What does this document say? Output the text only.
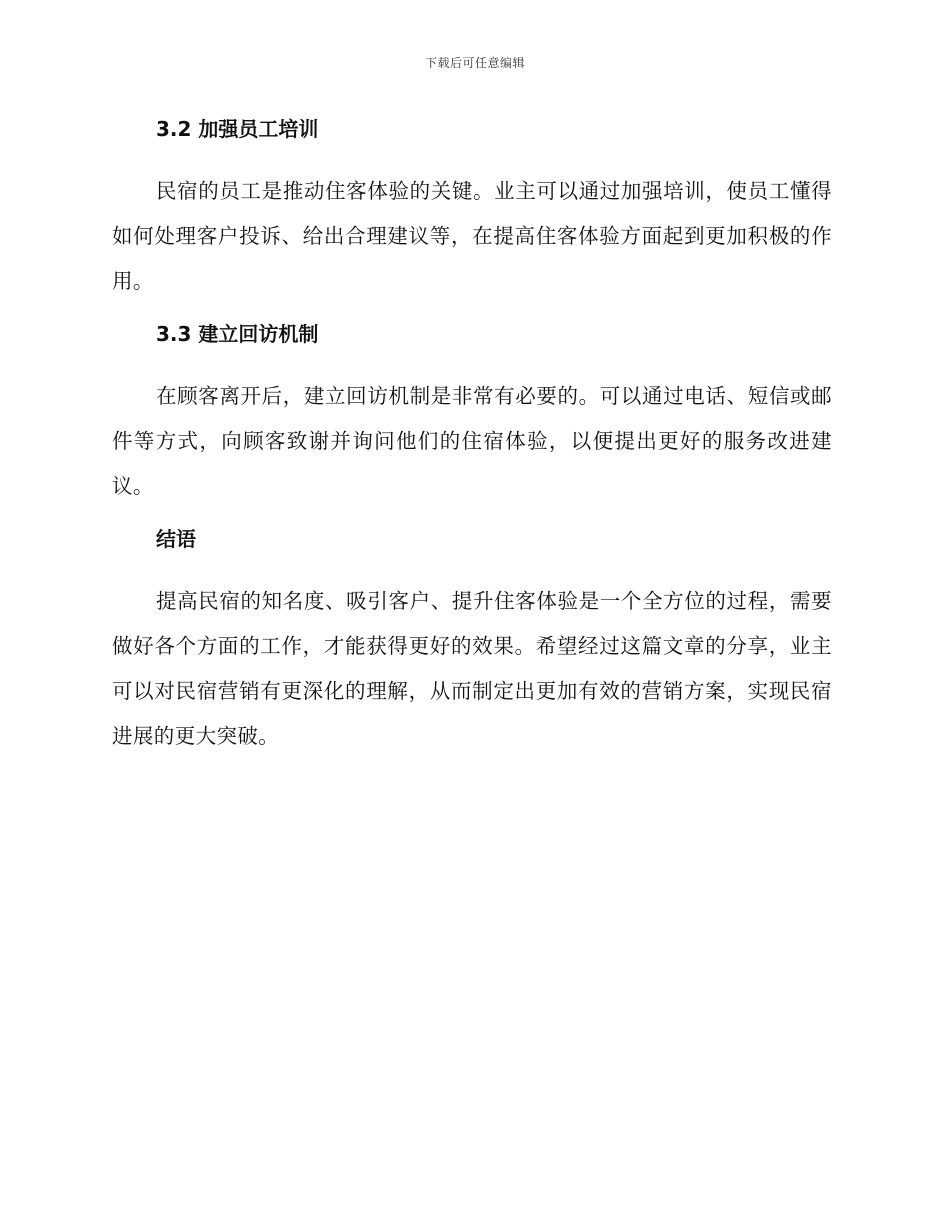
下载后可任意编辑
3.2 加强员工培训

民宿的员工是推动住客体验的关键。业主可以通过加强培训，使员工懂得如何处理客户投诉、给出合理建议等，在提高住客体验方面起到更加积极的作用。

3.3 建立回访机制

在顾客离开后，建立回访机制是非常有必要的。可以通过电话、短信或邮件等方式，向顾客致谢并询问他们的住宿体验，以便提出更好的服务改进建议。

结语

提高民宿的知名度、吸引客户、提升住客体验是一个全方位的过程，需要做好各个方面的工作，才能获得更好的效果。希望经过这篇文章的分享，业主可以对民宿营销有更深化的理解，从而制定出更加有效的营销方案，实现民宿进展的更大突破。
